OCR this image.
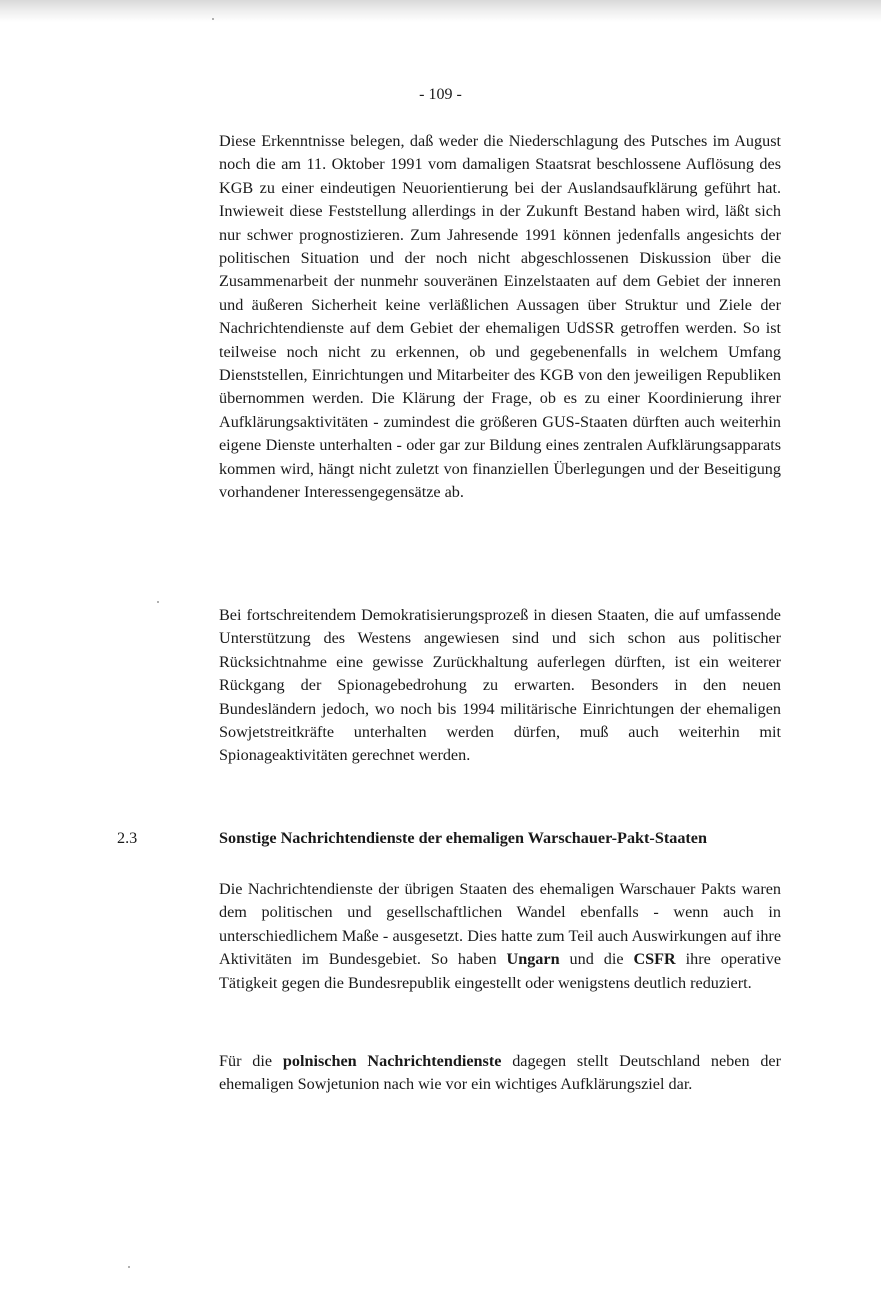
- 109 -

Diese Erkenntnisse belegen, daß weder die Niederschlagung des Putsches im August noch die am 11. Oktober 1991 vom damaligen Staatsrat beschlossene Auflösung des KGB zu einer eindeutigen Neuorientierung bei der Auslandsaufklärung geführt hat. Inwieweit diese Feststellung allerdings in der Zukunft Bestand haben wird, läßt sich nur schwer prognostizieren. Zum Jahresende 1991 können jedenfalls angesichts der politischen Situation und der noch nicht abgeschlossenen Diskussion über die Zusammenarbeit der nunmehr souveränen Einzelstaaten auf dem Gebiet der inneren und äußeren Sicherheit keine verläßlichen Aussagen über Struktur und Ziele der Nachrichtendienste auf dem Gebiet der ehemaligen UdSSR getroffen werden. So ist teilweise noch nicht zu erkennen, ob und gegebenenfalls in welchem Umfang Dienststellen, Einrichtungen und Mitarbeiter des KGB von den jeweiligen Republiken übernommen werden. Die Klärung der Frage, ob es zu einer Koordinierung ihrer Aufklärungsaktivitäten - zumindest die größeren GUS-Staaten dürften auch weiterhin eigene Dienste unterhalten - oder gar zur Bildung eines zentralen Aufklärungsapparats kommen wird, hängt nicht zuletzt von finanziellen Überlegungen und der Beseitigung vorhandener Interessengegensätze ab.

Bei fortschreitendem Demokratisierungsprozeß in diesen Staaten, die auf umfassende Unterstützung des Westens angewiesen sind und sich schon aus politischer Rücksichtnahme eine gewisse Zurückhaltung auferlegen dürften, ist ein weiterer Rückgang der Spionagebedrohung zu erwarten. Besonders in den neuen Bundesländern jedoch, wo noch bis 1994 militärische Einrichtungen der ehemaligen Sowjetstreitkräfte unterhalten werden dürfen, muß auch weiterhin mit Spionageaktivitäten gerechnet werden.

2.3	Sonstige Nachrichtendienste der ehemaligen Warschauer-Pakt-Staaten

Die Nachrichtendienste der übrigen Staaten des ehemaligen Warschauer Pakts waren dem politischen und gesellschaftlichen Wandel ebenfalls - wenn auch in unterschiedlichem Maße - ausgesetzt. Dies hatte zum Teil auch Auswirkungen auf ihre Aktivitäten im Bundesgebiet. So haben Ungarn und die CSFR ihre operative Tätigkeit gegen die Bundesrepublik eingestellt oder wenigstens deutlich reduziert.

Für die polnischen Nachrichtendienste dagegen stellt Deutschland neben der ehemaligen Sowjetunion nach wie vor ein wichtiges Aufklärungsziel dar.
